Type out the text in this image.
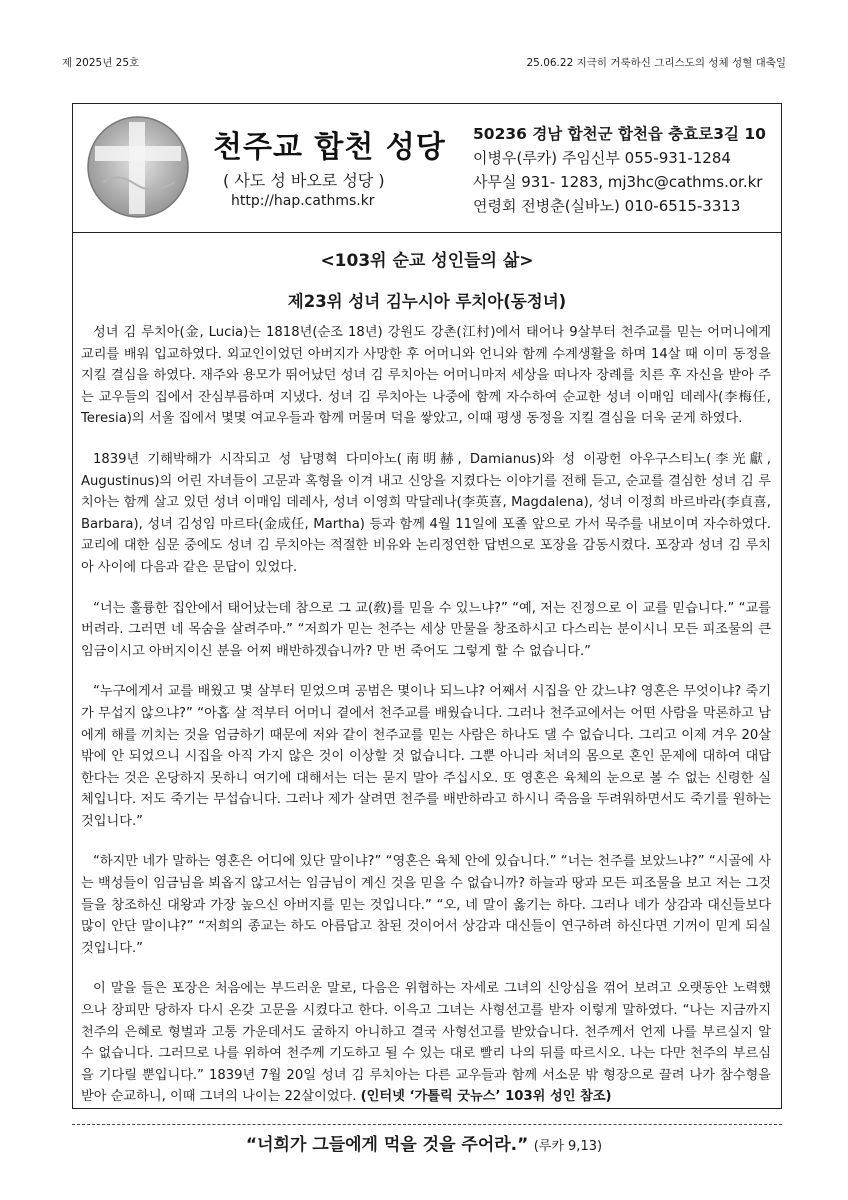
제 2025년 25호	25.06.22 지극히 거룩하신 그리스도의 성체 성혈 대축일
천주교 합천 성당
( 사도 성 바오로 성당 )
http://hap.cathms.kr
50236 경남 합천군 합천읍 충효로3길 10
이병우(루카) 주임신부 055-931-1284
사무실 931- 1283, mj3hc@cathms.or.kr
연령회 전병춘(실바노) 010-6515-3313
<103위 순교 성인들의 삶>
제23위 성녀 김누시아 루치아(동정녀)

성녀 김 루치아(金, Lucia)는 1818년(순조 18년) 강원도 강촌(江村)에서 태어나 9살부터 천주교를 믿는 어머니에게 교리를 배워 입교하였다. 외교인이었던 아버지가 사망한 후 어머니와 언니와 함께 수계생활을 하며 14살 때 이미 동정을 지킬 결심을 하였다. 재주와 용모가 뛰어났던 성녀 김 루치아는 어머니마저 세상을 떠나자 장례를 치른 후 자신을 받아 주는 교우들의 집에서 잔심부름하며 지냈다. 성녀 김 루치아는 나중에 함께 자수하여 순교한 성녀 이매임 데레사(李梅任, Teresia)의 서울 집에서 몇몇 여교우들과 함께 머물며 덕을 쌓았고, 이때 평생 동정을 지킬 결심을 더욱 굳게 하였다.

1839년 기해박해가 시작되고 성 남명혁 다미아노(南明赫, Damianus)와 성 이광헌 아우구스티노(李光獻, Augustinus)의 어린 자녀들이 고문과 혹형을 이겨 내고 신앙을 지켰다는 이야기를 전해 듣고, 순교를 결심한 성녀 김 루치아는 함께 살고 있던 성녀 이매임 데레사, 성녀 이영희 막달레나(李英喜, Magdalena), 성녀 이정희 바르바라(李貞喜, Barbara), 성녀 김성임 마르타(金成任, Martha) 등과 함께 4월 11일에 포졸 앞으로 가서 묵주를 내보이며 자수하였다. 교리에 대한 심문 중에도 성녀 김 루치아는 적절한 비유와 논리정연한 답변으로 포장을 감동시켰다. 포장과 성녀 김 루치아 사이에 다음과 같은 문답이 있었다.

“너는 훌륭한 집안에서 태어났는데 참으로 그 교(敎)를 믿을 수 있느냐?” “예, 저는 진정으로 이 교를 믿습니다.” “교를 버려라. 그러면 네 목숨을 살려주마.” “저희가 믿는 천주는 세상 만물을 창조하시고 다스리는 분이시니 모든 피조물의 큰 임금이시고 아버지이신 분을 어찌 배반하겠습니까? 만 번 죽어도 그렇게 할 수 없습니다.”

“누구에게서 교를 배웠고 몇 살부터 믿었으며 공범은 몇이나 되느냐? 어째서 시집을 안 갔느냐? 영혼은 무엇이냐? 죽기가 무섭지 않으냐?” “아홉 살 적부터 어머니 곁에서 천주교를 배웠습니다. 그러나 천주교에서는 어떤 사람을 막론하고 남에게 해를 끼치는 것을 엄금하기 때문에 저와 같이 천주교를 믿는 사람은 하나도 댈 수 없습니다. 그리고 이제 겨우 20살밖에 안 되었으니 시집을 아직 가지 않은 것이 이상할 것 없습니다. 그뿐 아니라 처녀의 몸으로 혼인 문제에 대하여 대답한다는 것은 온당하지 못하니 여기에 대해서는 더는 묻지 말아 주십시오. 또 영혼은 육체의 눈으로 볼 수 없는 신령한 실체입니다. 저도 죽기는 무섭습니다. 그러나 제가 살려면 천주를 배반하라고 하시니 죽음을 두려워하면서도 죽기를 원하는 것입니다.”

“하지만 네가 말하는 영혼은 어디에 있단 말이냐?” “영혼은 육체 안에 있습니다.” “너는 천주를 보았느냐?” “시골에 사는 백성들이 임금님을 뵈옵지 않고서는 임금님이 계신 것을 믿을 수 없습니까? 하늘과 땅과 모든 피조물을 보고 저는 그것들을 창조하신 대왕과 가장 높으신 아버지를 믿는 것입니다.” “오, 네 말이 옳기는 하다. 그러나 네가 상감과 대신들보다 많이 안단 말이냐?” “저희의 종교는 하도 아름답고 참된 것이어서 상감과 대신들이 연구하려 하신다면 기꺼이 믿게 되실 것입니다.”

이 말을 들은 포장은 처음에는 부드러운 말로, 다음은 위협하는 자세로 그녀의 신앙심을 꺾어 보려고 오랫동안 노력했으나 장피만 당하자 다시 온갖 고문을 시켰다고 한다. 이윽고 그녀는 사형선고를 받자 이렇게 말하였다. “나는 지금까지 천주의 은혜로 형벌과 고통 가운데서도 굴하지 아니하고 결국 사형선고를 받았습니다. 천주께서 언제 나를 부르실지 알 수 없습니다. 그러므로 나를 위하여 천주께 기도하고 될 수 있는 대로 빨리 나의 뒤를 따르시오. 나는 다만 천주의 부르심을 기다릴 뿐입니다.” 1839년 7월 20일 성녀 김 루치아는 다른 교우들과 함께 서소문 밖 형장으로 끌려 나가 참수형을 받아 순교하니, 이때 그녀의 나이는 22살이었다. (인터넷 ‘가톨릭 굿뉴스’ 103위 성인 참조)

“너희가 그들에게 먹을 것을 주어라.” (루카 9,13)
